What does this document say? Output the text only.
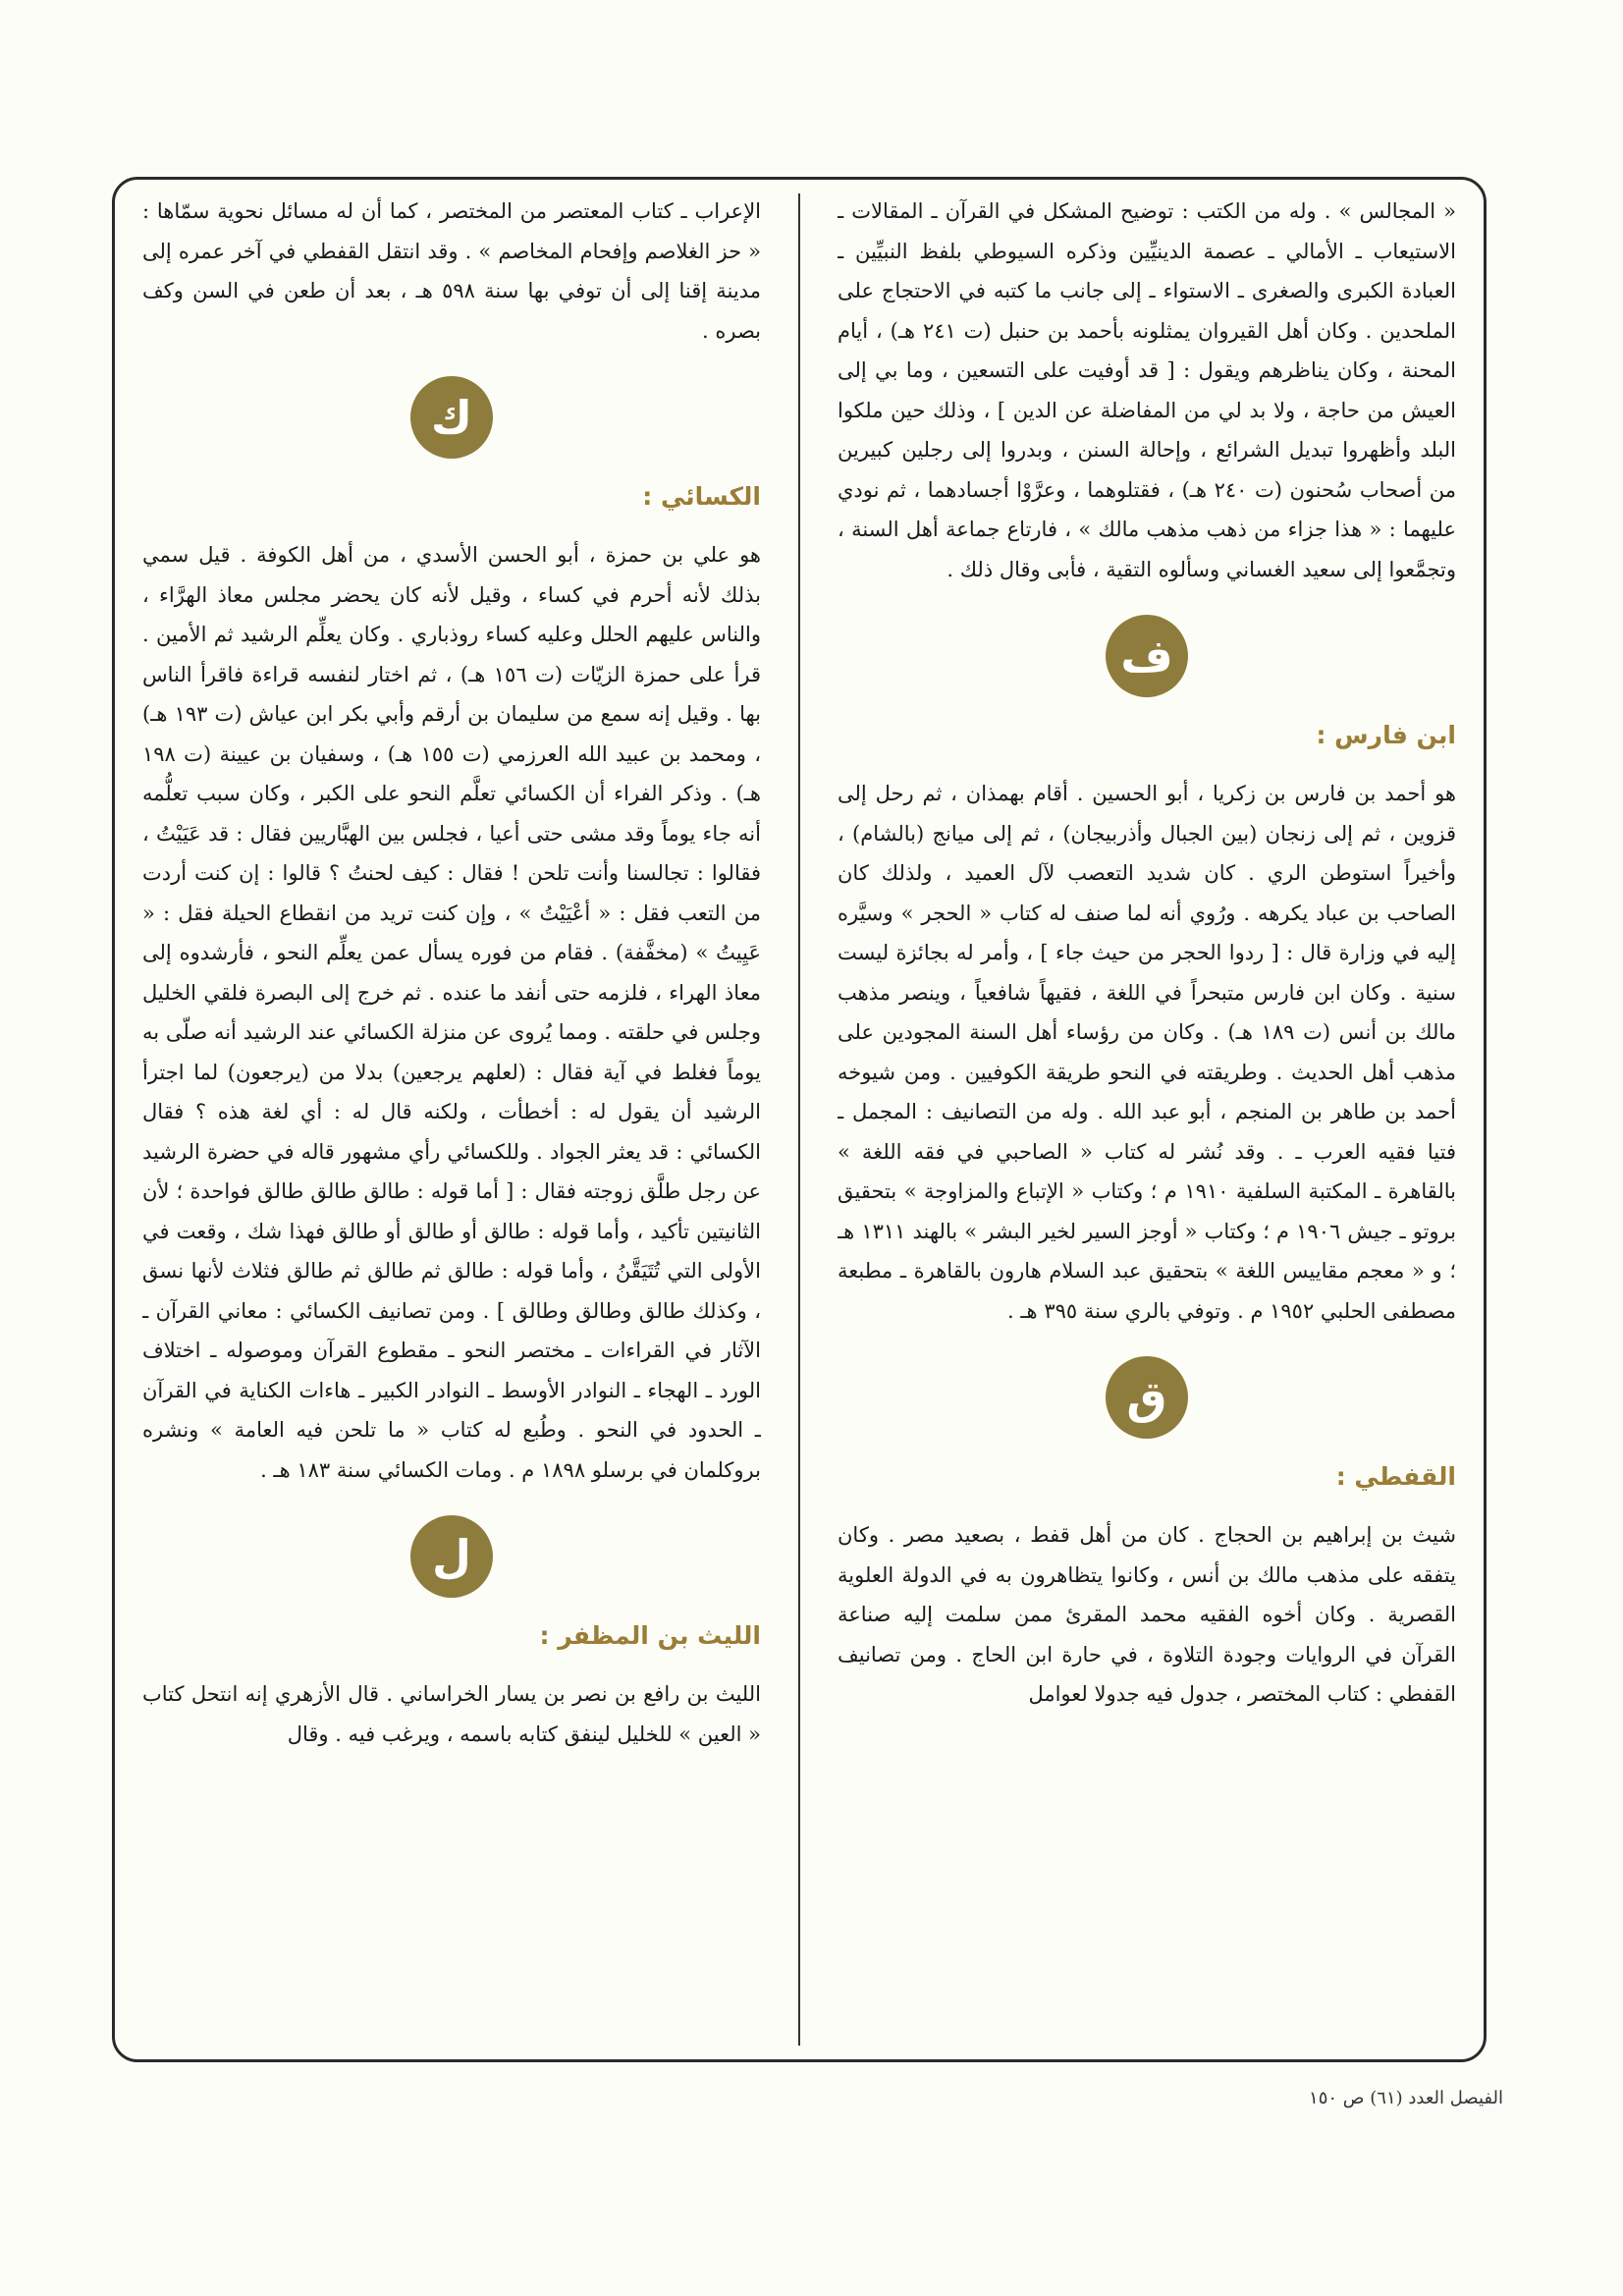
« المجالس » . وله من الكتب : توضيح المشكل في القرآن ـ المقالات ـ الاستيعاب ـ الأمالي ـ عصمة الدينيِّين وذكره السيوطي بلفظ النبيِّين ـ العبادة الكبرى والصغرى ـ الاستواء ـ إلى جانب ما كتبه في الاحتجاج على الملحدين . وكان أهل القيروان يمثلونه بأحمد بن حنبل (ت ٢٤١ هـ) ، أيام المحنة ، وكان يناظرهم ويقول : [ قد أوفيت على التسعين ، وما بي إلى العيش من حاجة ، ولا بد لي من المفاضلة عن الدين ] ، وذلك حين ملكوا البلد وأظهروا تبديل الشرائع ، وإحالة السنن ، وبدروا إلى رجلين كبيرين من أصحاب سُحنون (ت ٢٤٠ هـ) ، فقتلوهما ، وعرَّوْا أجسادهما ، ثم نودي عليهما : « هذا جزاء من ذهب مذهب مالك » ، فارتاع جماعة أهل السنة ، وتجمَّعوا إلى سعيد الغساني وسألوه التقية ، فأبى وقال ذلك .

ف
ابن فارس :

هو أحمد بن فارس بن زكريا ، أبو الحسين . أقام بهمذان ، ثم رحل إلى قزوين ، ثم إلى زنجان (بين الجبال وأذربيجان) ، ثم إلى ميانج (بالشام) ، وأخيراً استوطن الري . كان شديد التعصب لآل العميد ، ولذلك كان الصاحب بن عباد يكرهه . ورُوي أنه لما صنف له كتاب « الحجر » وسيَّره إليه في وزارة قال : [ ردوا الحجر من حيث جاء ] ، وأمر له بجائزة ليست سنية . وكان ابن فارس متبحراً في اللغة ، فقيهاً شافعياً ، وينصر مذهب مالك بن أنس (ت ١٨٩ هـ) . وكان من رؤساء أهل السنة المجودين على مذهب أهل الحديث . وطريقته في النحو طريقة الكوفيين . ومن شيوخه أحمد بن طاهر بن المنجم ، أبو عبد الله . وله من التصانيف : المجمل ـ فتيا فقيه العرب ـ . وقد نُشر له كتاب « الصاحبي في فقه اللغة » بالقاهرة ـ المكتبة السلفية ١٩١٠ م ؛ وكتاب « الإتباع والمزاوجة » بتحقيق بروتو ـ جيش ١٩٠٦ م ؛ وكتاب « أوجز السير لخير البشر » بالهند ١٣١١ هـ ؛ و « معجم مقاييس اللغة » بتحقيق عبد السلام هارون بالقاهرة ـ مطبعة مصطفى الحلبي ١٩٥٢ م . وتوفي بالري سنة ٣٩٥ هـ .

ق
القفطي :

شيث بن إبراهيم بن الحجاج . كان من أهل قفط ، بصعيد مصر . وكان يتفقه على مذهب مالك بن أنس ، وكانوا يتظاهرون به في الدولة العلوية القصرية . وكان أخوه الفقيه محمد المقرئ ممن سلمت إليه صناعة القرآن في الروايات وجودة التلاوة ، في حارة ابن الحاج . ومن تصانيف القفطي : كتاب المختصر ، جدول فيه جدولا لعوامل

الإعراب ـ كتاب المعتصر من المختصر ، كما أن له مسائل نحوية سمّاها : « حز الغلاصم وإفحام المخاصم » . وقد انتقل القفطي في آخر عمره إلى مدينة إقنا إلى أن توفي بها سنة ٥٩٨ هـ ، بعد أن طعن في السن وكف بصره .

ك
الكسائي :

هو علي بن حمزة ، أبو الحسن الأسدي ، من أهل الكوفة . قيل سمي بذلك لأنه أحرم في كساء ، وقيل لأنه كان يحضر مجلس معاذ الهرَّاء ، والناس عليهم الحلل وعليه كساء روذباري . وكان يعلِّم الرشيد ثم الأمين . قرأ على حمزة الزيّات (ت ١٥٦ هـ) ، ثم اختار لنفسه قراءة فاقرأ الناس بها . وقيل إنه سمع من سليمان بن أرقم وأبي بكر ابن عياش (ت ١٩٣ هـ) ، ومحمد بن عبيد الله العرزمي (ت ١٥٥ هـ) ، وسفيان بن عيينة (ت ١٩٨ هـ) . وذكر الفراء أن الكسائي تعلَّم النحو على الكبر ، وكان سبب تعلُّمه أنه جاء يوماً وقد مشى حتى أعيا ، فجلس بين الهبَّاريين فقال : قد عَيَيْتُ ، فقالوا : تجالسنا وأنت تلحن ! فقال : كيف لحنتُ ؟ قالوا : إن كنت أردت من التعب فقل : « أعْيَيْتُ » ، وإن كنت تريد من انقطاع الحيلة فقل : « عَيِيتُ » (مخفَّفة) . فقام من فوره يسأل عمن يعلِّم النحو ، فأرشدوه إلى معاذ الهراء ، فلزمه حتى أنفد ما عنده . ثم خرج إلى البصرة فلقي الخليل وجلس في حلقته . ومما يُروى عن منزلة الكسائي عند الرشيد أنه صلّى به يوماً فغلط في آية فقال : (لعلهم يرجعين) بدلا من (يرجعون) لما اجترأ الرشيد أن يقول له : أخطأت ، ولكنه قال له : أي لغة هذه ؟ فقال الكسائي : قد يعثر الجواد . وللكسائي رأي مشهور قاله في حضرة الرشيد عن رجل طلَّق زوجته فقال : [ أما قوله : طالق طالق طالق فواحدة ؛ لأن الثانيتين تأكيد ، وأما قوله : طالق أو طالق أو طالق فهذا شك ، وقعت في الأولى التي تُتَيَقَّنُ ، وأما قوله : طالق ثم طالق ثم طالق فثلاث لأنها نسق ، وكذلك طالق وطالق وطالق ] . ومن تصانيف الكسائي : معاني القرآن ـ الآثار في القراءات ـ مختصر النحو ـ مقطوع القرآن وموصوله ـ اختلاف الورد ـ الهجاء ـ النوادر الأوسط ـ النوادر الكبير ـ هاءات الكناية في القرآن ـ الحدود في النحو . وطُبع له كتاب « ما تلحن فيه العامة » ونشره بروكلمان في برسلو ١٨٩٨ م . ومات الكسائي سنة ١٨٣ هـ .

ل
الليث بن المظفر :

الليث بن رافع بن نصر بن يسار الخراساني . قال الأزهري إنه انتحل كتاب « العين » للخليل لينفق كتابه باسمه ، ويرغب فيه . وقال

الفيصل العدد (٦١) ص ١٥٠
